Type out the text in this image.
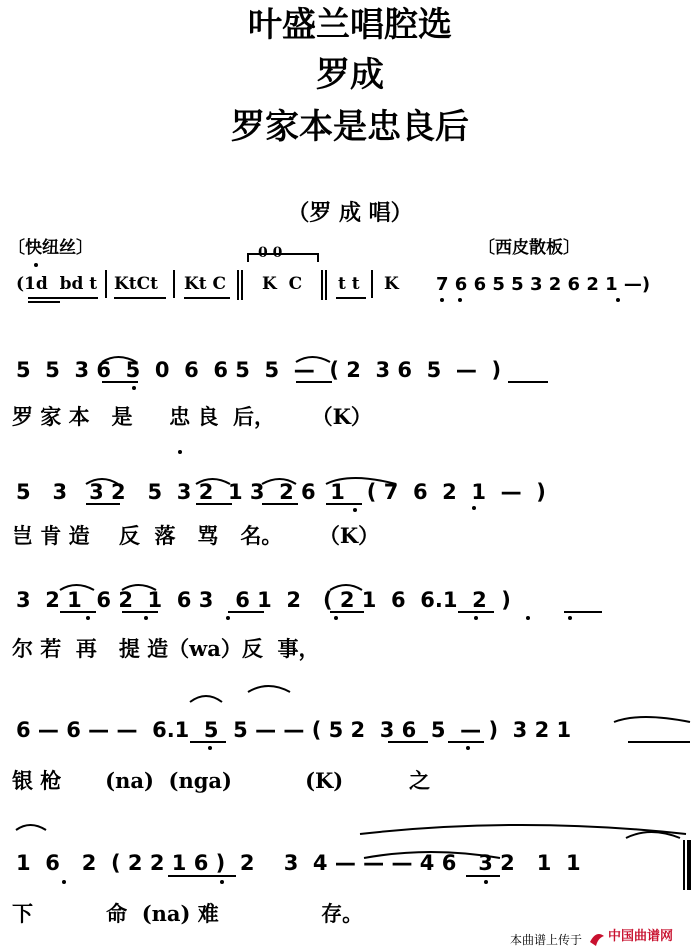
叶盛兰唱腔选
罗成
罗家本是忠良后
（罗 成 唱）
〔快纽丝〕	〔西皮散板〕
0 0
(1d  bd t KtCt Kt C K  C t t K 7 6 6 5 5 3 2 6 2 1 —)
5  5  3 6  5  0  6  6 5  5  —  ( 2  3 6  5  —  )
罗 家 本   是     忠 良  后，     （K）
5   3   3 2   5  3 2  1 3  2 6  1   ( 7  6  2  1  —  )
岂 肯 造    反  落   骂   名。     （K）
3  2 1  6 2  1  6 3   6 1  2   ( 2 1  6  6.1  2  )
尔 若  再   提 造（wa）反  事，
6 — 6 — —  6.1  5  5 — — ( 5 2  3 6  5  — )  3 2 1
银 枪      (na)  (nga)          (K)         之
1  6   2  ( 2 2 1 6 )  2    3  4 — — — 4 6   3 2   1  1
下          命  (na) 难              存。
本曲谱上传于 中国曲谱网
